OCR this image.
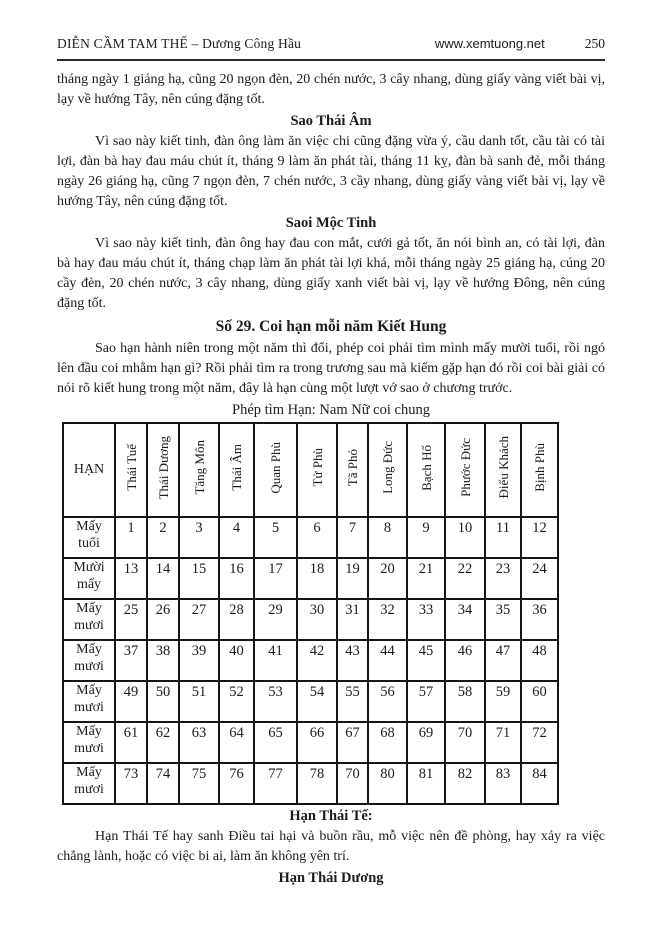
DIỄN CẦM TAM THẾ – Dương Công Hầu	www.xemtuong.net	250

tháng ngày 1 giáng hạ, cũng 20 ngọn đèn, 20 chén nước, 3 cây nhang, dùng giấy vàng viết bài vị, lạy về hướng Tây, nên cúng đặng tốt.

Sao Thái Âm

Vì sao này kiết tinh, đàn ông làm ăn việc chi cũng đặng vừa ý, cầu danh tốt, cầu tài có tài lợi, đàn bà hay đau máu chút ít, tháng 9 làm ăn phát tài, tháng 11 kỵ, đàn bà sanh đẻ, mỗi tháng ngày 26 giáng hạ, cũng 7 ngọn đèn, 7 chén nước, 3 cầy nhang, dùng giấy vàng viết bài vị, lạy về hướng Tây, nên cúng đặng tốt.

Saoi Mộc Tinh

Vì sao này kiết tinh, đàn ông hay đau con mắt, cưới gả tốt, ăn nói bình an, có tài lợi, đàn bà hay đau máu chút ít, tháng chạp làm ăn phát tài lợi khá, mỗi tháng ngày 25 giáng hạ, cúng 20 cầy đèn, 20 chén nước, 3 cây nhang, dùng giấy xanh viết bài vị, lạy về hướng Đông, nên cúng đặng tốt.

Số 29. Coi hạn mỗi năm Kiết Hung

Sao hạn hành niên trong một năm thì đổi, phép coi phải tìm mình mấy mười tuổi, rồi ngó lên đầu coi mhằm hạn gì? Rồi phải tìm ra trong trương sau mà kiếm gặp hạn đó rồi coi bài giải có nói rõ kiết hung trong một năm, đây là hạn cùng một lượt vớ sao ở chương trước.

Phép tìm Hạn: Nam Nữ coi chung
HẠN	Thái Tuế	Thái Dương	Tăng Môn	Thái Âm	Quan Phù	Tử Phù	Tã Phó	Long Đức	Bạch Hổ	Phước Đức	Điếu Khách	Bịnh Phù
Mấy tuổi	1	2	3	4	5	6	7	8	9	10	11	12
Mười mấy	13	14	15	16	17	18	19	20	21	22	23	24
Mấy mươi	25	26	27	28	29	30	31	32	33	34	35	36
Mấy mươi	37	38	39	40	41	42	43	44	45	46	47	48
Mấy mươi	49	50	51	52	53	54	55	56	57	58	59	60
Mấy mươi	61	62	63	64	65	66	67	68	69	70	71	72
Mấy mươi	73	74	75	76	77	78	70	80	81	82	83	84
Hạn Thái Tế:

Hạn Thái Tế hay sanh Điều tai hại và buồn rầu, mỗ việc nên đề phòng, hay xảy ra việc chẳng lành, hoặc có việc bi ai, làm ăn không yên trí.

Hạn Thái Dương
